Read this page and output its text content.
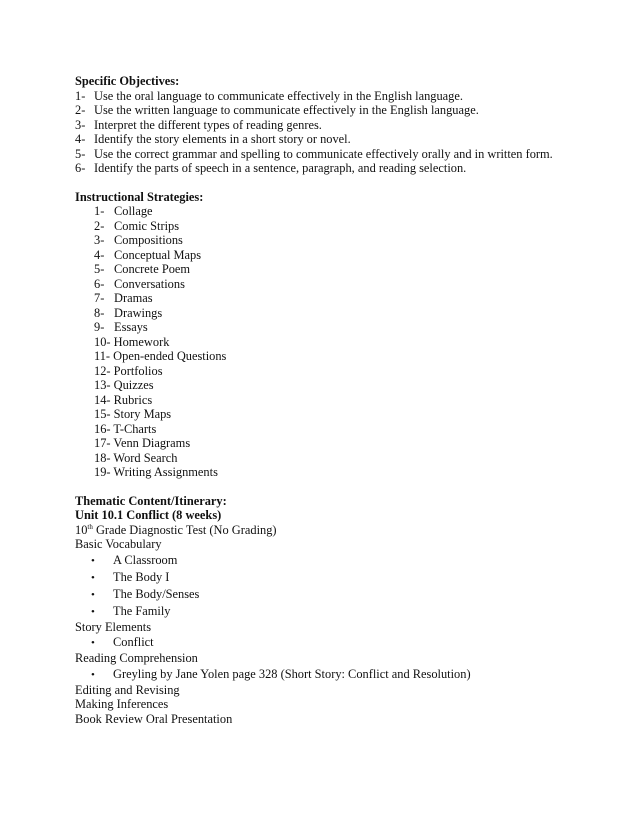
Specific Objectives:
1- Use the oral language to communicate effectively in the English language.
2- Use the written language to communicate effectively in the English language.
3- Interpret the different types of reading genres.
4- Identify the story elements in a short story or novel.
5- Use the correct grammar and spelling to communicate effectively orally and in written form.
6- Identify the parts of speech in a sentence, paragraph, and reading selection.
Instructional Strategies:
1- Collage
2- Comic Strips
3- Compositions
4- Conceptual Maps
5- Concrete Poem
6- Conversations
7- Dramas
8- Drawings
9- Essays
10- Homework
11- Open-ended Questions
12- Portfolios
13- Quizzes
14- Rubrics
15- Story Maps
16- T-Charts
17- Venn Diagrams
18- Word Search
19- Writing Assignments
Thematic Content/Itinerary:
Unit 10.1 Conflict (8 weeks)
10th Grade Diagnostic Test (No Grading)
Basic Vocabulary
• A Classroom
• The Body I
• The Body/Senses
• The Family
Story Elements
• Conflict
Reading Comprehension
• Greyling by Jane Yolen page 328 (Short Story: Conflict and Resolution)
Editing and Revising
Making Inferences
Book Review Oral Presentation
